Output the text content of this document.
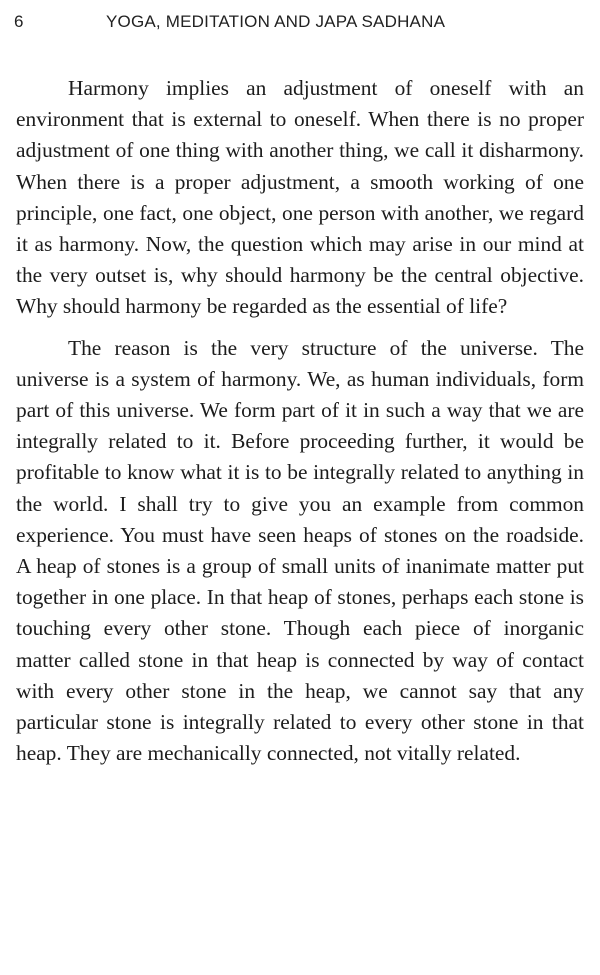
6	YOGA, MEDITATION AND JAPA SADHANA

Harmony implies an adjustment of oneself with an environment that is external to oneself. When there is no proper adjustment of one thing with another thing, we call it disharmony. When there is a proper adjustment, a smooth working of one principle, one fact, one object, one person with another, we regard it as harmony. Now, the question which may arise in our mind at the very outset is, why should harmony be the central objective. Why should harmony be regarded as the essential of life?

The reason is the very structure of the universe. The universe is a system of harmony. We, as human individuals, form part of this universe. We form part of it in such a way that we are integrally related to it. Before proceeding further, it would be profitable to know what it is to be integrally related to anything in the world. I shall try to give you an example from common experience. You must have seen heaps of stones on the roadside. A heap of stones is a group of small units of inanimate matter put together in one place. In that heap of stones, perhaps each stone is touching every other stone. Though each piece of inorganic matter called stone in that heap is connected by way of contact with every other stone in the heap, we cannot say that any particular stone is integrally related to every other stone in that heap. They are mechanically connected, not vitally related.
